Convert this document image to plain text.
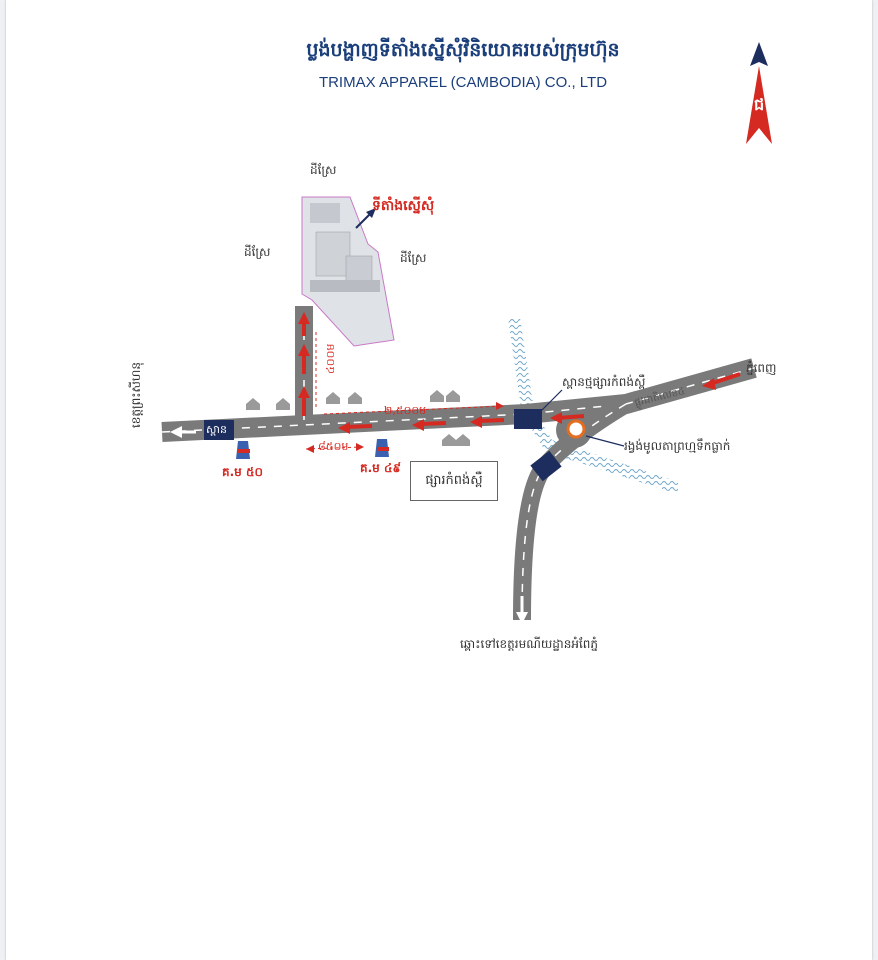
ប្លង់បង្ហាញទីតាំងស្នើសុំវិនិយោគរបស់ក្រុមហ៊ុន
TRIMAX APPAREL (CAMBODIA) CO., LTD
ដីស្រែ
ដីស្រែ	ដីស្រែ
ទីតាំងស្នើសុំ
ស្ពានថ្មផ្សារកំពង់ស្ពឺ
ភ្នំពេញ
ផ្លូវជាតិលេខ៤
រង្វង់មូលតាព្រហ្មទឹកធ្លាក់
ផ្សារកំពង់ស្ពឺ
ឆ្ពោះទៅខេត្តរមណីយដ្ឋានអំពែភ្នំ
ខេត្តព្រះសីហនុ
ស្ពាន
៤០០ម
២,៥០០ម
៨៥០ម
គ.ម ៥០	គ.ម ៤៩
ជ
